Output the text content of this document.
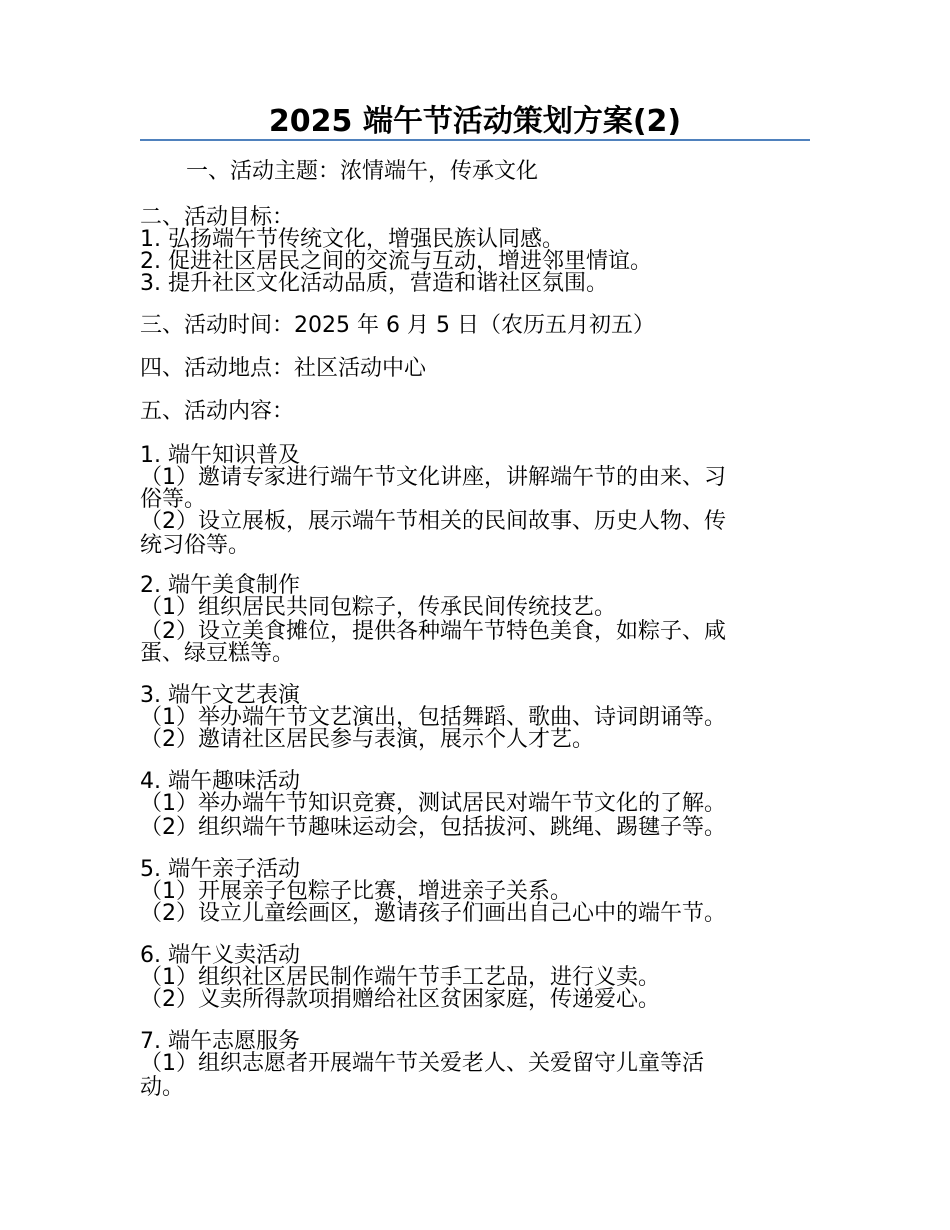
2025 端午节活动策划方案(2)
一、活动主题：浓情端午，传承文化
二、活动目标：
1. 弘扬端午节传统文化，增强民族认同感。
2. 促进社区居民之间的交流与互动，增进邻里情谊。
3. 提升社区文化活动品质，营造和谐社区氛围。
三、活动时间：2025 年 6 月 5 日（农历五月初五）
四、活动地点：社区活动中心
五、活动内容：
1. 端午知识普及
（1）邀请专家进行端午节文化讲座，讲解端午节的由来、习
俗等。
（2）设立展板，展示端午节相关的民间故事、历史人物、传
统习俗等。
2. 端午美食制作
（1）组织居民共同包粽子，传承民间传统技艺。
（2）设立美食摊位，提供各种端午节特色美食，如粽子、咸
蛋、绿豆糕等。
3. 端午文艺表演
（1）举办端午节文艺演出，包括舞蹈、歌曲、诗词朗诵等。
（2）邀请社区居民参与表演，展示个人才艺。
4. 端午趣味活动
（1）举办端午节知识竞赛，测试居民对端午节文化的了解。
（2）组织端午节趣味运动会，包括拔河、跳绳、踢毽子等。
5. 端午亲子活动
（1）开展亲子包粽子比赛，增进亲子关系。
（2）设立儿童绘画区，邀请孩子们画出自己心中的端午节。
6. 端午义卖活动
（1）组织社区居民制作端午节手工艺品，进行义卖。
（2）义卖所得款项捐赠给社区贫困家庭，传递爱心。
7. 端午志愿服务
（1）组织志愿者开展端午节关爱老人、关爱留守儿童等活
动。
